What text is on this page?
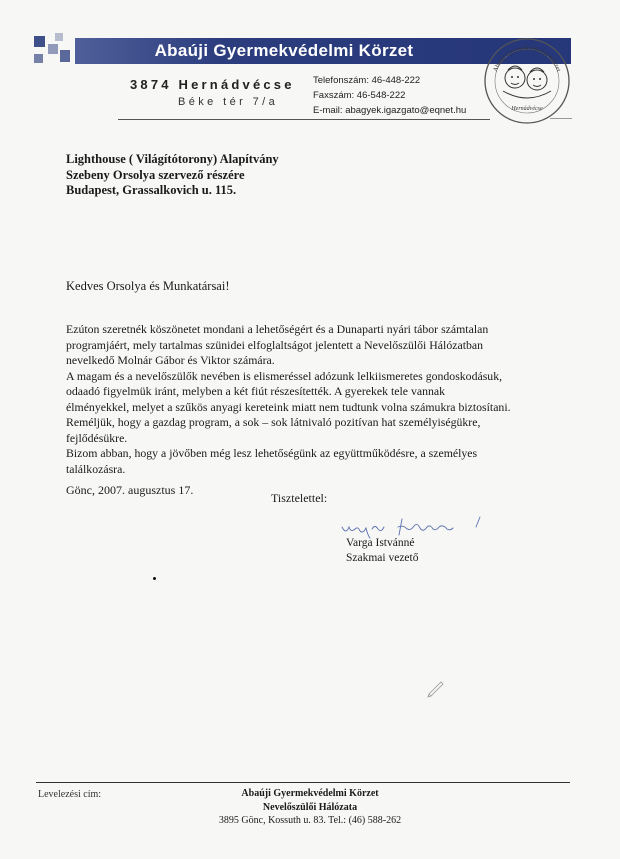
Abaúji Gyermekvédelmi Körzet
3874 Hernádvécse
Béke tér 7/a
Telefonszám: 46-448-222
Faxszám: 46-548-222
E-mail: abagyek.igazgato@eqnet.hu
Abaúji Gyermekvédelmi Körzet
Hernádvécse
Lighthouse ( Világítótorony) Alapítvány
Szebeny Orsolya szervező részére
Budapest, Grassalkovich u. 115.
Kedves Orsolya és Munkatársai!
Ezúton szeretnék köszönetet mondani a lehetőségért és a Dunaparti nyári tábor számtalan
programjáért, mely tartalmas szünidei elfoglaltságot jelentett a Nevelőszülői Hálózatban
nevelkedő Molnár Gábor és Viktor számára.
A magam és a nevelőszülők nevében is elismeréssel adózunk lelkiismeretes gondoskodásuk,
odaadó figyelmük iránt, melyben a két fiút részesítették. A gyerekek tele vannak
élményekkel, melyet a szűkös anyagi kereteink miatt nem tudtunk volna számukra biztosítani.
Reméljük, hogy a gazdag program, a sok – sok látnivaló pozitívan hat személyiségükre,
fejlődésükre.
Bizom abban, hogy a jövőben még lesz lehetőségünk az együttműködésre, a személyes
találkozásra.
Gönc, 2007. augusztus 17.
Tisztelettel:
Varga Istvánné
Szakmai vezető
Levelezési cím:	Abaúji Gyermekvédelmi Körzet
Nevelőszülői Hálózata
3895 Gönc, Kossuth u. 83. Tel.: (46) 588-262
